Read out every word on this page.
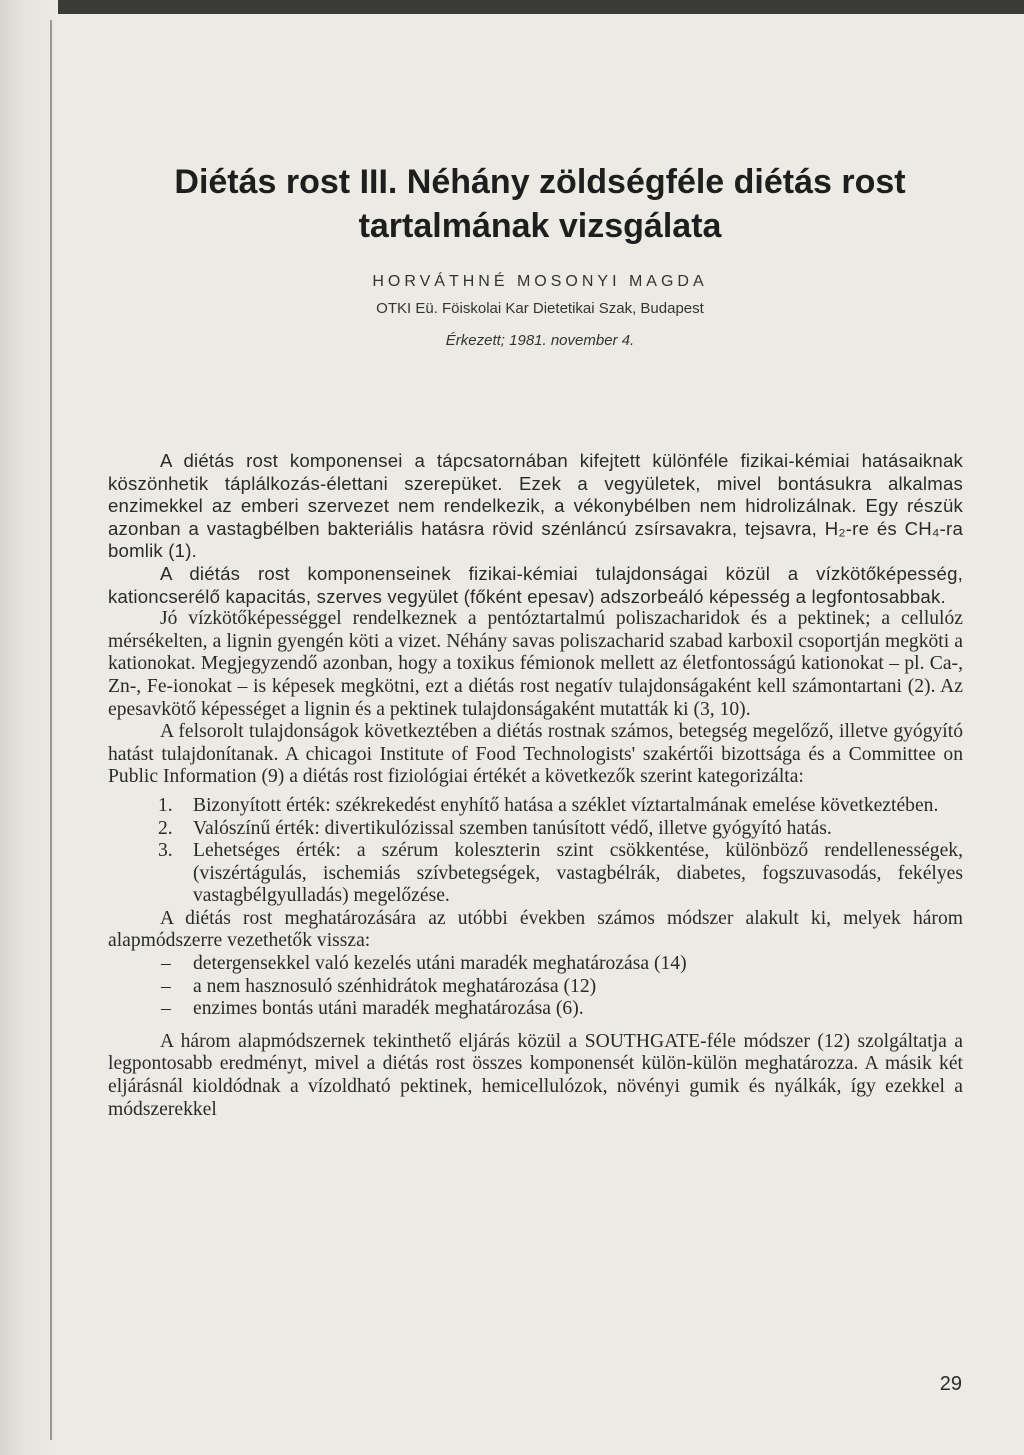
Diétás rost III. Néhány zöldségféle diétás rost tartalmának vizsgálata
HORVÁTHNÉ MOSONYI MAGDA
OTKI Eü. Föiskolai Kar Dietetikai Szak, Budapest
Érkezett; 1981. november 4.

A diétás rost komponensei a tápcsatornában kifejtett különféle fizikai-kémiai hatásaiknak köszönhetik táplálkozás-élettani szerepüket. Ezek a vegyületek, mivel bontásukra alkalmas enzimekkel az emberi szervezet nem rendelkezik, a vékonybélben nem hidrolizálnak. Egy részük azonban a vastagbélben bakteriális hatásra rövid szénláncú zsírsavakra, tejsavra, H₂-re és CH₄-ra bomlik (1).

A diétás rost komponenseinek fizikai-kémiai tulajdonságai közül a vízkötőképesség, kationcserélő kapacitás, szerves vegyület (főként epesav) adszorbeáló képesség a legfontosabbak.

Jó vízkötőképességgel rendelkeznek a pentóztartalmú poliszacharidok és a pektinek; a cellulóz mérsékelten, a lignin gyengén köti a vizet. Néhány savas poliszacharid szabad karboxil csoportján megköti a kationokat. Megjegyzendő azonban, hogy a toxikus fémionok mellett az életfontosságú kationokat – pl. Ca-, Zn-, Fe-ionokat – is képesek megkötni, ezt a diétás rost negatív tulajdonságaként kell számontartani (2). Az epesavkötő képességet a lignin és a pektinek tulajdonságaként mutatták ki (3, 10).

A felsorolt tulajdonságok következtében a diétás rostnak számos, betegség megelőző, illetve gyógyító hatást tulajdonítanak. A chicagoi Institute of Food Technologists' szakértői bizottsága és a Committee on Public Information (9) a diétás rost fiziológiai értékét a következők szerint kategorizálta:

1. Bizonyított érték: székrekedést enyhítő hatása a széklet víztartalmának emelése következtében.
2. Valószínű érték: divertikulózissal szemben tanúsított védő, illetve gyógyító hatás.
3. Lehetséges érték: a szérum koleszterin szint csökkentése, különböző rendellenességek, (viszértágulás, ischemiás szívbetegségek, vastagbélrák, diabetes, fogszuvasodás, fekélyes vastagbélgyulladás) megelőzése.

A diétás rost meghatározására az utóbbi években számos módszer alakult ki, melyek három alapmódszerre vezethetők vissza:

– detergensekkel való kezelés utáni maradék meghatározása (14)
– a nem hasznosuló szénhidrátok meghatározása (12)
– enzimes bontás utáni maradék meghatározása (6).

A három alapmódszernek tekinthető eljárás közül a SOUTHGATE-féle módszer (12) szolgáltatja a legpontosabb eredményt, mivel a diétás rost összes komponensét külön-külön meghatározza. A másik két eljárásnál kioldódnak a vízoldható pektinek, hemicellulózok, növényi gumik és nyálkák, így ezekkel a módszerekkel

29
